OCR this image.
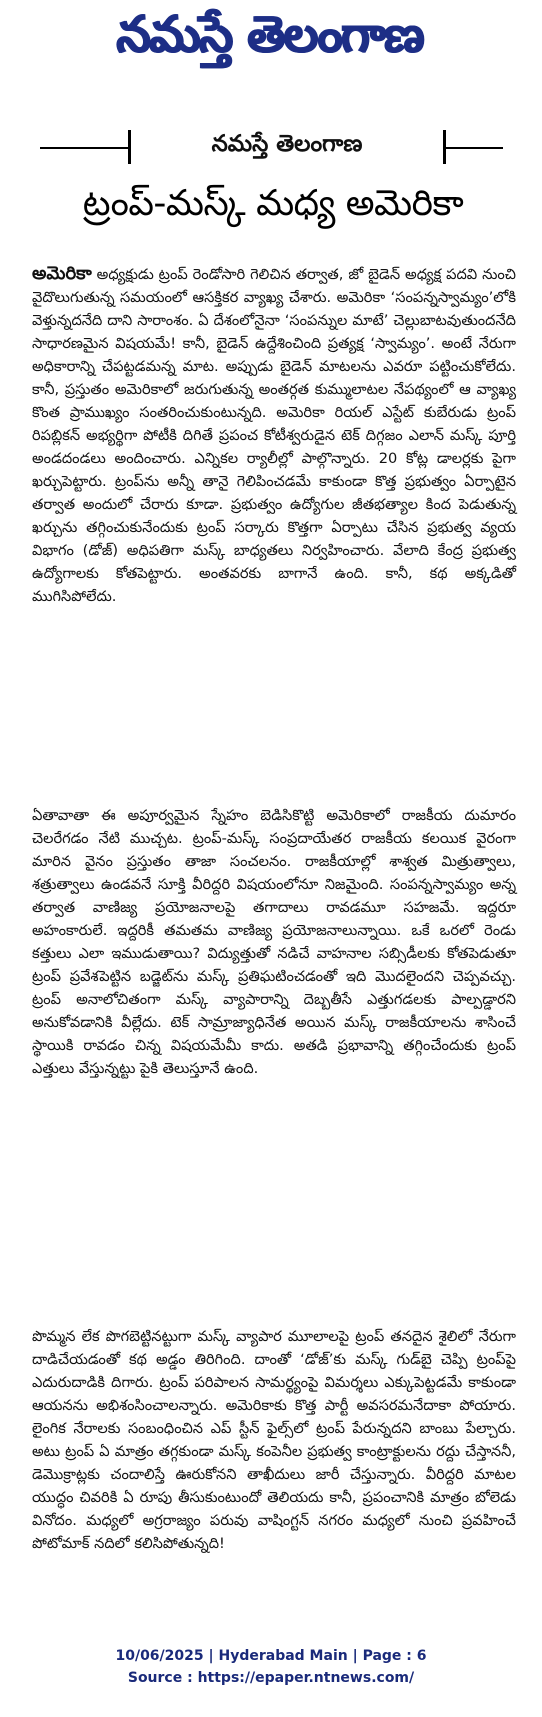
నమస్తే తెలంగాణ
నమస్తే తెలంగాణ
ట్రంప్-మస్క్ మధ్య అమెరికా
అమెరికా అధ్యక్షుడు ట్రంప్ రెండోసారి గెలిచిన తర్వాత, జో బైడెన్ అధ్యక్ష పదవి నుంచి వైదొలుగుతున్న సమయంలో ఆసక్తికర వ్యాఖ్య చేశారు. అమెరికా ‘సంపన్నస్వామ్యం’లోకి వెళ్తున్నదనేది దాని సారాంశం. ఏ దేశంలోనైనా ‘సంపన్నుల మాటే’ చెల్లుబాటవుతుందనేది సాధారణమైన విషయమే! కానీ, బైడెన్ ఉద్దేశించింది ప్రత్యక్ష ‘స్వామ్యం’. అంటే నేరుగా అధికారాన్ని చేపట్టడమన్న మాట. అప్పుడు బైడెన్ మాటలను ఎవరూ పట్టించుకోలేదు. కానీ, ప్రస్తుతం అమెరికాలో జరుగుతున్న అంతర్గత కుమ్ములాటల నేపథ్యంలో ఆ వ్యాఖ్య కొంత ప్రాముఖ్యం సంతరించుకుంటున్నది. అమెరికా రియల్ ఎస్టేట్ కుబేరుడు ట్రంప్ రిపబ్లికన్ అభ్యర్థిగా పోటీకి దిగితే ప్రపంచ కోటీశ్వరుడైన టెక్ దిగ్గజం ఎలాన్ మస్క్ పూర్తి అండదండలు అందించారు. ఎన్నికల ర్యాలీల్లో పాల్గొన్నారు. 20 కోట్ల డాలర్లకు పైగా ఖర్చుపెట్టారు. ట్రంప్‌ను అన్నీ తానై గెలిపించడమే కాకుండా కొత్త ప్రభుత్వం ఏర్పాటైన తర్వాత అందులో చేరారు కూడా. ప్రభుత్వం ఉద్యోగుల జీతభత్యాల కింద పెడుతున్న ఖర్చును తగ్గించుకునేందుకు ట్రంప్ సర్కారు కొత్తగా ఏర్పాటు చేసిన ప్రభుత్వ వ్యయ విభాగం (డోజ్) అధిపతిగా మస్క్ బాధ్యతలు నిర్వహించారు. వేలాది కేంద్ర ప్రభుత్వ ఉద్యోగాలకు కోతపెట్టారు. అంతవరకు బాగానే ఉంది. కానీ, కథ అక్కడితో ముగిసిపోలేదు.
ఏతావాతా ఈ అపూర్వమైన స్నేహం బెడిసికొట్టి అమెరికాలో రాజకీయ దుమారం చెలరేగడం నేటి ముచ్చట. ట్రంప్-మస్క్ సంప్రదాయేతర రాజకీయ కలయిక వైరంగా మారిన వైనం ప్రస్తుతం తాజా సంచలనం. రాజకీయాల్లో శాశ్వత మిత్రుత్వాలు, శత్రుత్వాలు ఉండవనే సూక్తి వీరిద్దరి విషయంలోనూ నిజమైంది. సంపన్నస్వామ్యం అన్న తర్వాత వాణిజ్య ప్రయోజనాలపై తగాదాలు రావడమూ సహజమే. ఇద్దరూ అహంకారులే. ఇద్దరికీ తమతమ వాణిజ్య ప్రయోజనాలున్నాయి. ఒకే ఒరలో రెండు కత్తులు ఎలా ఇముడుతాయి? విద్యుత్తుతో నడిచే వాహనాల సబ్సిడీలకు కోతపెడుతూ ట్రంప్ ప్రవేశపెట్టిన బడ్జెట్‌ను మస్క్ ప్రతిఘటించడంతో ఇది మొదలైందని చెప్పవచ్చు. ట్రంప్ అనాలోచితంగా మస్క్ వ్యాపారాన్ని దెబ్బతీసే ఎత్తుగడలకు పాల్పడ్డారని అనుకోవడానికి వీల్లేదు. టెక్ సామ్రాజ్యాధినేత అయిన మస్క్ రాజకీయాలను శాసించే స్థాయికి రావడం చిన్న విషయమేమీ కాదు. అతడి ప్రభావాన్ని తగ్గించేందుకు ట్రంప్ ఎత్తులు వేస్తున్నట్టు పైకి తెలుస్తూనే ఉంది.
పొమ్మన లేక పొగబెట్టినట్టుగా మస్క్ వ్యాపార మూలాలపై ట్రంప్ తనదైన శైలిలో నేరుగా దాడిచేయడంతో కథ అడ్డం తిరిగింది. దాంతో ‘డోజ్’కు మస్క్ గుడ్‌బై చెప్పి ట్రంప్‌పై ఎదురుదాడికి దిగారు. ట్రంప్ పరిపాలన సామర్థ్యంపై విమర్శలు ఎక్కుపెట్టడమే కాకుండా ఆయనను అభిశంసించాలన్నారు. అమెరికాకు కొత్త పార్టీ అవసరమనేదాకా పోయారు. లైంగిక నేరాలకు సంబంధించిన ఎప్ స్టీన్ ఫైల్స్‌లో ట్రంప్ పేరున్నదని బాంబు పేల్చారు. అటు ట్రంప్ ఏ మాత్రం తగ్గకుండా మస్క్ కంపెనీల ప్రభుత్వ కాంట్రాక్టులను రద్దు చేస్తాననీ, డెమొక్రాట్లకు చందాలిస్తే ఊరుకోనని తాఖీదులు జారీ చేస్తున్నారు. వీరిద్దరి మాటల యుద్ధం చివరికి ఏ రూపు తీసుకుంటుందో తెలియదు కానీ, ప్రపంచానికి మాత్రం బోలెడు వినోదం. మధ్యలో అగ్రరాజ్యం పరువు వాషింగ్టన్ నగరం మధ్యలో నుంచి ప్రవహించే పోటోమాక్ నదిలో కలిసిపోతున్నది!
10/06/2025 | Hyderabad Main | Page : 6
Source : https://epaper.ntnews.com/
